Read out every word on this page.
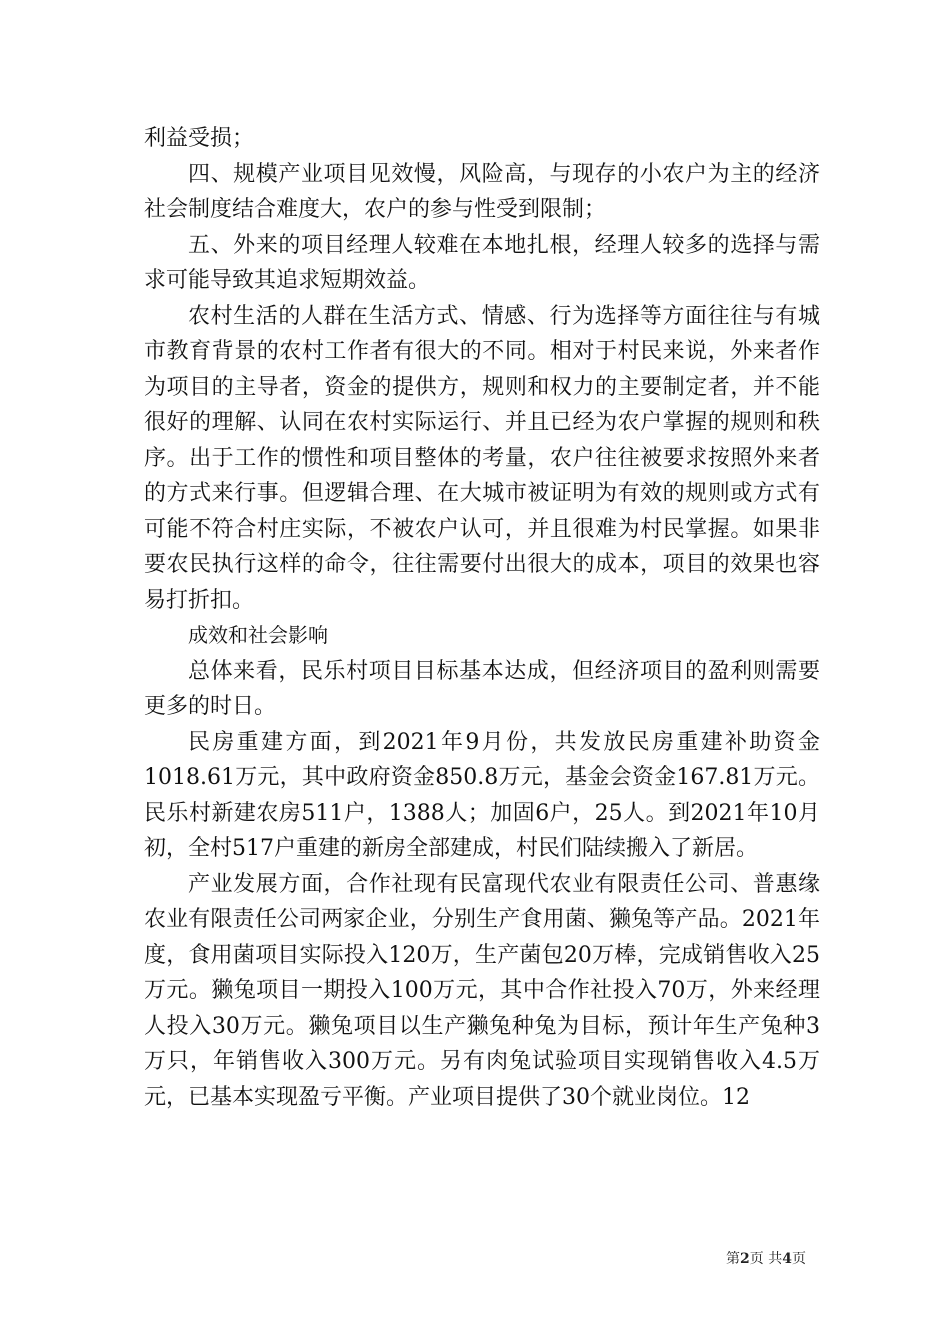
利益受损；

四、规模产业项目见效慢，风险高，与现存的小农户为主的经济社会制度结合难度大，农户的参与性受到限制；

五、外来的项目经理人较难在本地扎根，经理人较多的选择与需求可能导致其追求短期效益。

农村生活的人群在生活方式、情感、行为选择等方面往往与有城市教育背景的农村工作者有很大的不同。相对于村民来说，外来者作为项目的主导者，资金的提供方，规则和权力的主要制定者，并不能很好的理解、认同在农村实际运行、并且已经为农户掌握的规则和秩序。出于工作的惯性和项目整体的考量，农户往往被要求按照外来者的方式来行事。但逻辑合理、在大城市被证明为有效的规则或方式有可能不符合村庄实际，不被农户认可，并且很难为村民掌握。如果非要农民执行这样的命令，往往需要付出很大的成本，项目的效果也容易打折扣。

成效和社会影响

总体来看，民乐村项目目标基本达成，但经济项目的盈利则需要更多的时日。

民房重建方面，到2021年9月份，共发放民房重建补助资金1018.61万元，其中政府资金850.8万元，基金会资金167.81万元。民乐村新建农房511户，1388人；加固6户，25人。到2021年10月初，全村517户重建的新房全部建成，村民们陆续搬入了新居。

产业发展方面，合作社现有民富现代农业有限责任公司、普惠缘农业有限责任公司两家企业，分别生产食用菌、獭兔等产品。2021年度，食用菌项目实际投入120万，生产菌包20万棒，完成销售收入25万元。獭兔项目一期投入100万元，其中合作社投入70万，外来经理人投入30万元。獭兔项目以生产獭兔种兔为目标，预计年生产兔种3万只，年销售收入300万元。另有肉兔试验项目实现销售收入4.5万元，已基本实现盈亏平衡。产业项目提供了30个就业岗位。12

第2页 共4页
